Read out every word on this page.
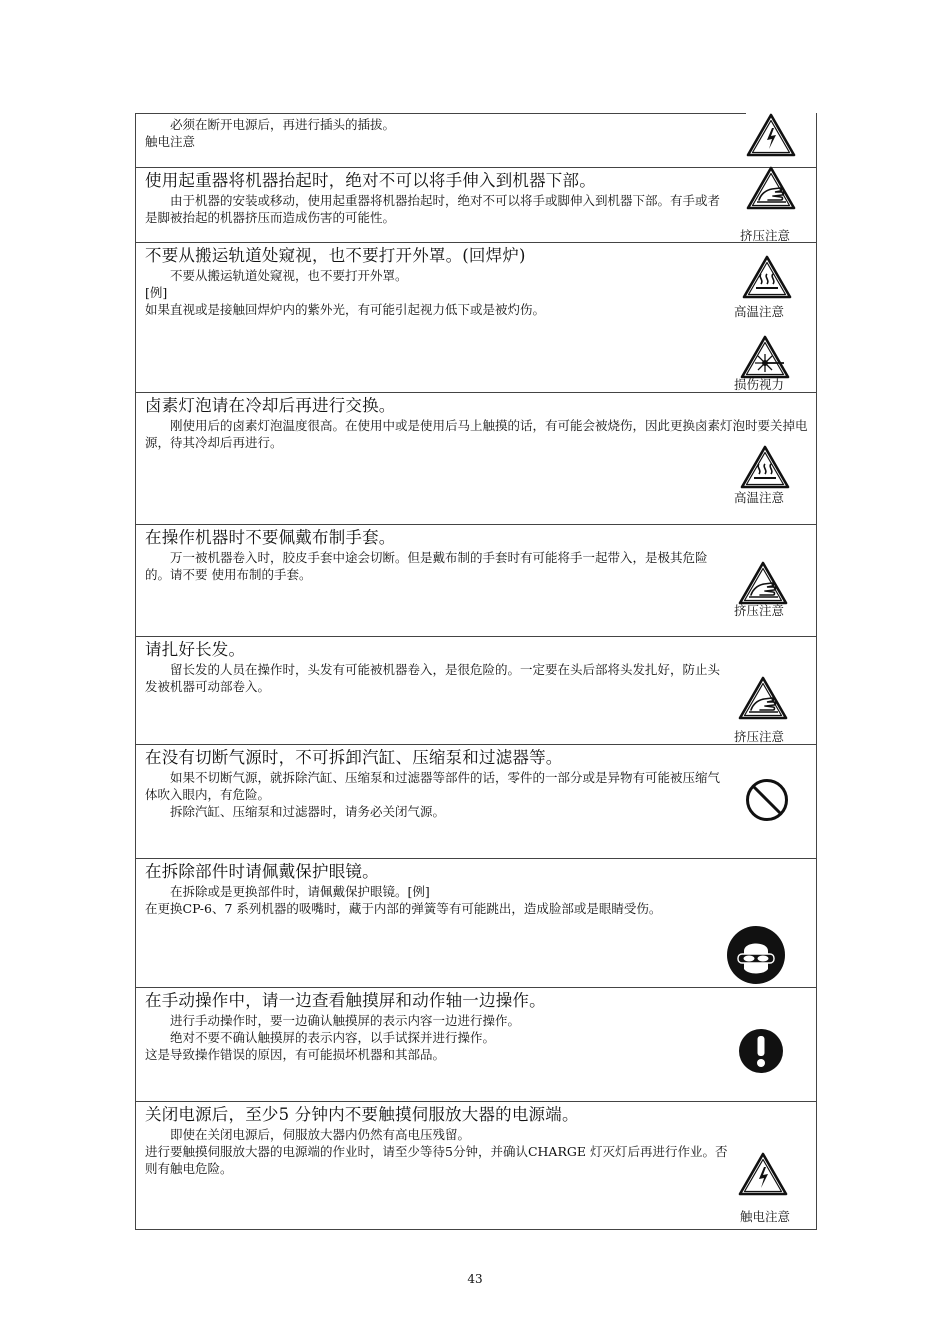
必须在断开电源后，再进行插头的插拔。

触电注意

使用起重器将机器抬起时，绝对不可以将手伸入到机器下部。

由于机器的安装或移动，使用起重器将机器抬起时，绝对不可以将手或脚伸入到机器下部。有手或者是脚被抬起的机器挤压而造成伤害的可能性。

挤压注意
不要从搬运轨道处窥视，也不要打开外罩。(回焊炉)

不要从搬运轨道处窥视，也不要打开外罩。

[例]

如果直视或是接触回焊炉内的紫外光，有可能引起视力低下或是被灼伤。	高温注意
损伤视力
卤素灯泡请在冷却后再进行交换。

刚使用后的卤素灯泡温度很高。在使用中或是使用后马上触摸的话，有可能会被烧伤，因此更换卤素灯泡时要关掉电源，待其冷却后再进行。

高温注意
在操作机器时不要佩戴布制手套。

万一被机器卷入时，胶皮手套中途会切断。但是戴布制的手套时有可能将手一起带入，是极其危险的。请不要 使用布制的手套。

挤压注意
请扎好长发。

留长发的人员在操作时，头发有可能被机器卷入，是很危险的。一定要在头后部将头发扎好，防止头发被机器可动部卷入。

挤压注意
在没有切断气源时，不可拆卸汽缸、压缩泵和过滤器等。

如果不切断气源，就拆除汽缸、压缩泵和过滤器等部件的话，零件的一部分或是异物有可能被压缩气体吹入眼内，有危险。

拆除汽缸、压缩泵和过滤器时，请务必关闭气源。

在拆除部件时请佩戴保护眼镜。

在拆除或是更换部件时，请佩戴保护眼镜。[例]

在更换CP-6、7 系列机器的吸嘴时，藏于内部的弹簧等有可能跳出，造成脸部或是眼睛受伤。

在手动操作中，请一边查看触摸屏和动作轴一边操作。

进行手动操作时，要一边确认触摸屏的表示内容一边进行操作。

绝对不要不确认触摸屏的表示内容，以手试探并进行操作。

这是导致操作错误的原因，有可能损坏机器和其部品。

关闭电源后，至少5 分钟内不要触摸伺服放大器的电源端。

即使在关闭电源后，伺服放大器内仍然有高电压残留。

进行要触摸伺服放大器的电源端的作业时，请至少等待5分钟，并确认CHARGE 灯灭灯后再进行作业。否则有触电危险。

触电注意
43
